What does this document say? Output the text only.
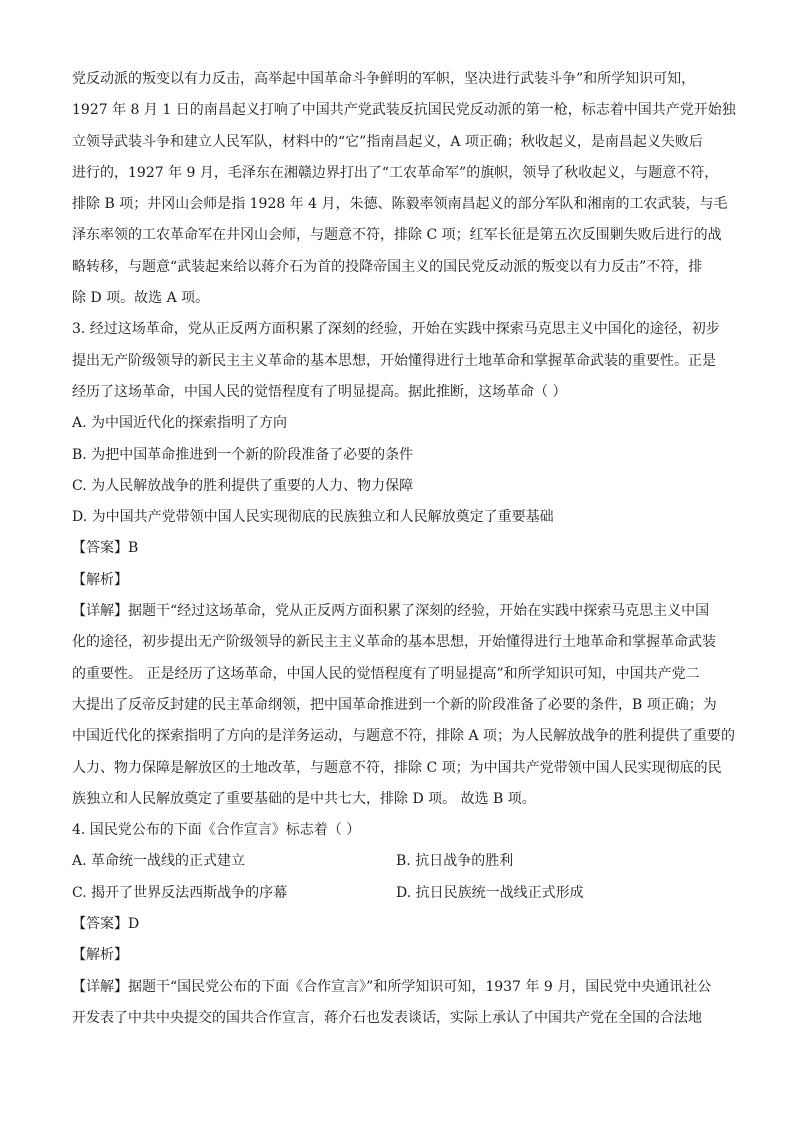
党反动派的叛变以有力反击，高举起中国革命斗争鲜明的军帜，坚决进行武装斗争”和所学知识可知，
1927 年 8 月 1 日的南昌起义打响了中国共产党武装反抗国民党反动派的第一枪，标志着中国共产党开始独
立领导武装斗争和建立人民军队，材料中的“它”指南昌起义，A 项正确；秋收起义，是南昌起义失败后
进行的，1927 年 9 月，毛泽东在湘赣边界打出了“工农革命军”的旗帜，领导了秋收起义，与题意不符，
排除 B 项；井冈山会师是指 1928 年 4 月，朱德、陈毅率领南昌起义的部分军队和湘南的工农武装，与毛
泽东率领的工农革命军在井冈山会师，与题意不符，排除 C 项；红军长征是第五次反围剿失败后进行的战
略转移，与题意“武装起来给以蒋介石为首的投降帝国主义的国民党反动派的叛变以有力反击”不符，排
除 D 项。故选 A 项。
3. 经过这场革命，党从正反两方面积累了深刻的经验，开始在实践中探索马克思主义中国化的途径，初步
提出无产阶级领导的新民主主义革命的基本思想，开始懂得进行土地革命和掌握革命武装的重要性。正是
经历了这场革命，中国人民的觉悟程度有了明显提高。据此推断，这场革命（ ）
A. 为中国近代化的探索指明了方向
B. 为把中国革命推进到一个新的阶段准备了必要的条件
C. 为人民解放战争的胜利提供了重要的人力、物力保障
D. 为中国共产党带领中国人民实现彻底的民族独立和人民解放奠定了重要基础
【答案】B
【解析】
【详解】据题干“经过这场革命，党从正反两方面积累了深刻的经验，开始在实践中探索马克思主义中国
化的途径，初步提出无产阶级领导的新民主主义革命的基本思想，开始懂得进行土地革命和掌握革命武装
的重要性。 正是经历了这场革命，中国人民的觉悟程度有了明显提高”和所学知识可知，中国共产党二
大提出了反帝反封建的民主革命纲领，把中国革命推进到一个新的阶段准备了必要的条件，B 项正确；为
中国近代化的探索指明了方向的是洋务运动，与题意不符，排除 A 项；为人民解放战争的胜利提供了重要的
人力、物力保障是解放区的土地改革，与题意不符，排除 C 项；为中国共产党带领中国人民实现彻底的民
族独立和人民解放奠定了重要基础的是中共七大，排除 D 项。 故选 B 项。
4. 国民党公布的下面《合作宣言》标志着（ ）
A. 革命统一战线的正式建立	B. 抗日战争的胜利
C. 揭开了世界反法西斯战争的序幕	D. 抗日民族统一战线正式形成
【答案】D
【解析】
【详解】据题干“国民党公布的下面《合作宣言》”和所学知识可知，1937 年 9 月，国民党中央通讯社公
开发表了中共中央提交的国共合作宣言，蒋介石也发表谈话，实际上承认了中国共产党在全国的合法地
